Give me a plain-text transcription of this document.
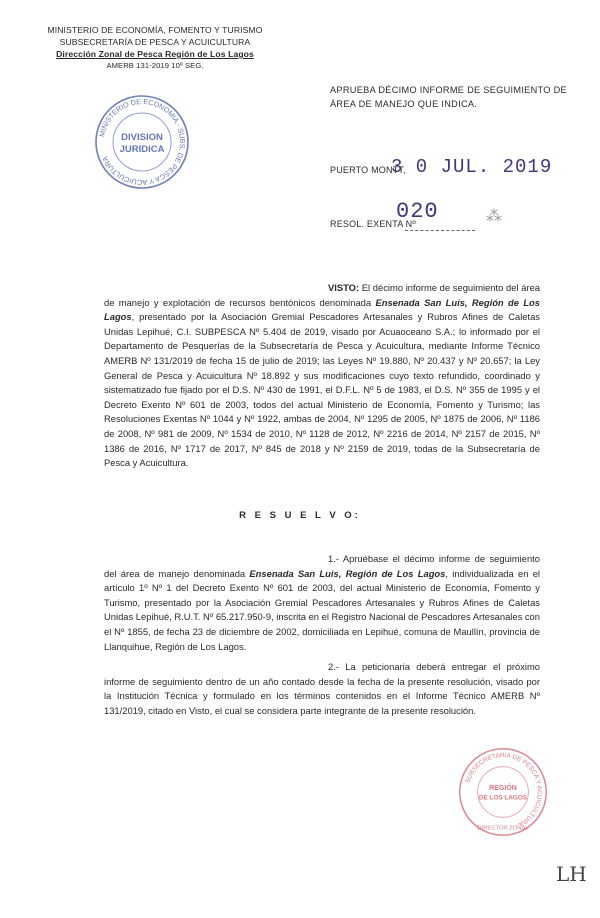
MINISTERIO DE ECONOMÍA, FOMENTO Y TURISMO
SUBSECRETARÍA DE PESCA Y ACUICULTURA
Dirección Zonal de Pesca Región de Los Lagos
AMERB 131-2019 10º SEG.
MINISTERIO DE ECONOMIA - SUBS. DE PESCA Y ACUICULTURA
DIVISION
JURIDICA
APRUEBA DÉCIMO INFORME DE SEGUIMIENTO DE ÁREA DE MANEJO QUE INDICA.
PUERTO MONTT,
3 0 JUL. 2019
RESOL. EXENTA Nº
020	⁂
VISTO: El décimo informe de seguimiento del área de manejo y explotación de recursos bentónicos denominada Ensenada San Luis, Región de Los Lagos, presentado por la Asociación Gremial Pescadores Artesanales y Rubros Afines de Caletas Unidas Lepihué, C.I. SUBPESCA Nº 5.404 de 2019, visado por Acuaoceano S.A.; lo informado por el Departamento de Pesquerías de la Subsecretaría de Pesca y Acuicultura, mediante Informe Técnico AMERB Nº 131/2019 de fecha 15 de julio de 2019; las Leyes Nº 19.880, Nº 20.437 y Nº 20.657; la Ley General de Pesca y Acuicultura Nº 18.892 y sus modificaciones cuyo texto refundido, coordinado y sistematizado fue fijado por el D.S. Nº 430 de 1991, el D.F.L. Nº 5 de 1983, el D.S. Nº 355 de 1995 y el Decreto Exento Nº 601 de 2003, todos del actual Ministerio de Economía, Fomento y Turismo; las Resoluciones Exentas Nº 1044 y Nº 1922, ambas de 2004, Nº 1295 de 2005, Nº 1875 de 2006, Nº 1186 de 2008, Nº 981 de 2009, Nº 1534 de 2010, Nº 1128 de 2012, Nº 2216 de 2014, Nº 2157 de 2015, Nº 1386 de 2016, Nº 1717 de 2017, Nº 845 de 2018 y Nº 2159 de 2019, todas de la Subsecretaría de Pesca y Acuicultura.
R E S U E L V O:
1.- Apruébase el décimo informe de seguimiento del área de manejo denominada Ensenada San Luis, Región de Los Lagos, individualizada en el artículo 1º Nº 1 del Decreto Exento Nº 601 de 2003, del actual Ministerio de Economía, Fomento y Turismo, presentado por la Asociación Gremial Pescadores Artesanales y Rubros Afines de Caletas Unidas Lepihué, R.U.T. Nº 65.217.950-9, inscrita en el Registro Nacional de Pescadores Artesanales con el Nº 1855, de fecha 23 de diciembre de 2002, domiciliada en Lepihué, comuna de Maullín, provincia de Llanquihue, Región de Los Lagos.
2.- La peticionaria deberá entregar el próximo informe de seguimiento dentro de un año contado desde la fecha de la presente resolución, visado por la Institución Técnica y formulado en los términos contenidos en el Informe Técnico AMERB Nº 131/2019, citado en Visto, el cual se considera parte integrante de la presente resolución.
SUBSECRETARIA DE PESCA Y ACUICULTURA
REGIÓN
DE LOS LAGOS
DIRECTOR ZONAL
LH
